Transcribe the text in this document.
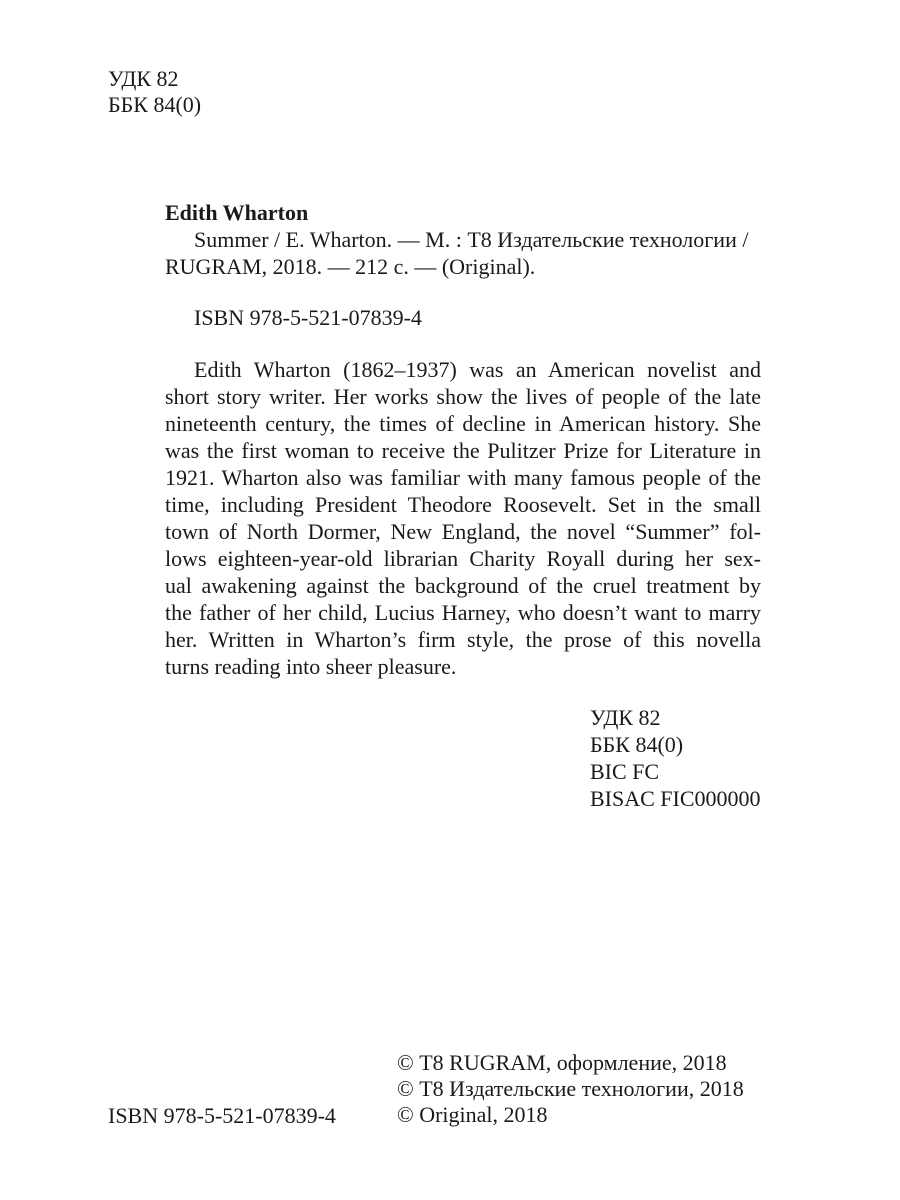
УДК 82
ББК 84(0)
Edith Wharton
Summer / E. Wharton. — М. : Т8 Издательские технологии /
RUGRAM, 2018. — 212 с. — (Original).
ISBN 978-5-521-07839-4
Edith Wharton (1862–1937) was an American novelist and
short story writer. Her works show the lives of people of the late
nineteenth century, the times of decline in American history. She
was the first woman to receive the Pulitzer Prize for Literature in
1921. Wharton also was familiar with many famous people of the
time, including President Theodore Roosevelt. Set in the small
town of North Dormer, New England, the novel “Summer” fol-
lows eighteen-year-old librarian Charity Royall during her sex-
ual awakening against the background of the cruel treatment by
the father of her child, Lucius Harney, who doesn’t want to marry
her. Written in Wharton’s firm style, the prose of this novella
turns reading into sheer pleasure.
УДК 82
ББК 84(0)
BIC FC
BISAC FIC000000
© Т8 RUGRAM, оформление, 2018
© Т8 Издательские технологии, 2018
© Original, 2018
ISBN 978-5-521-07839-4
